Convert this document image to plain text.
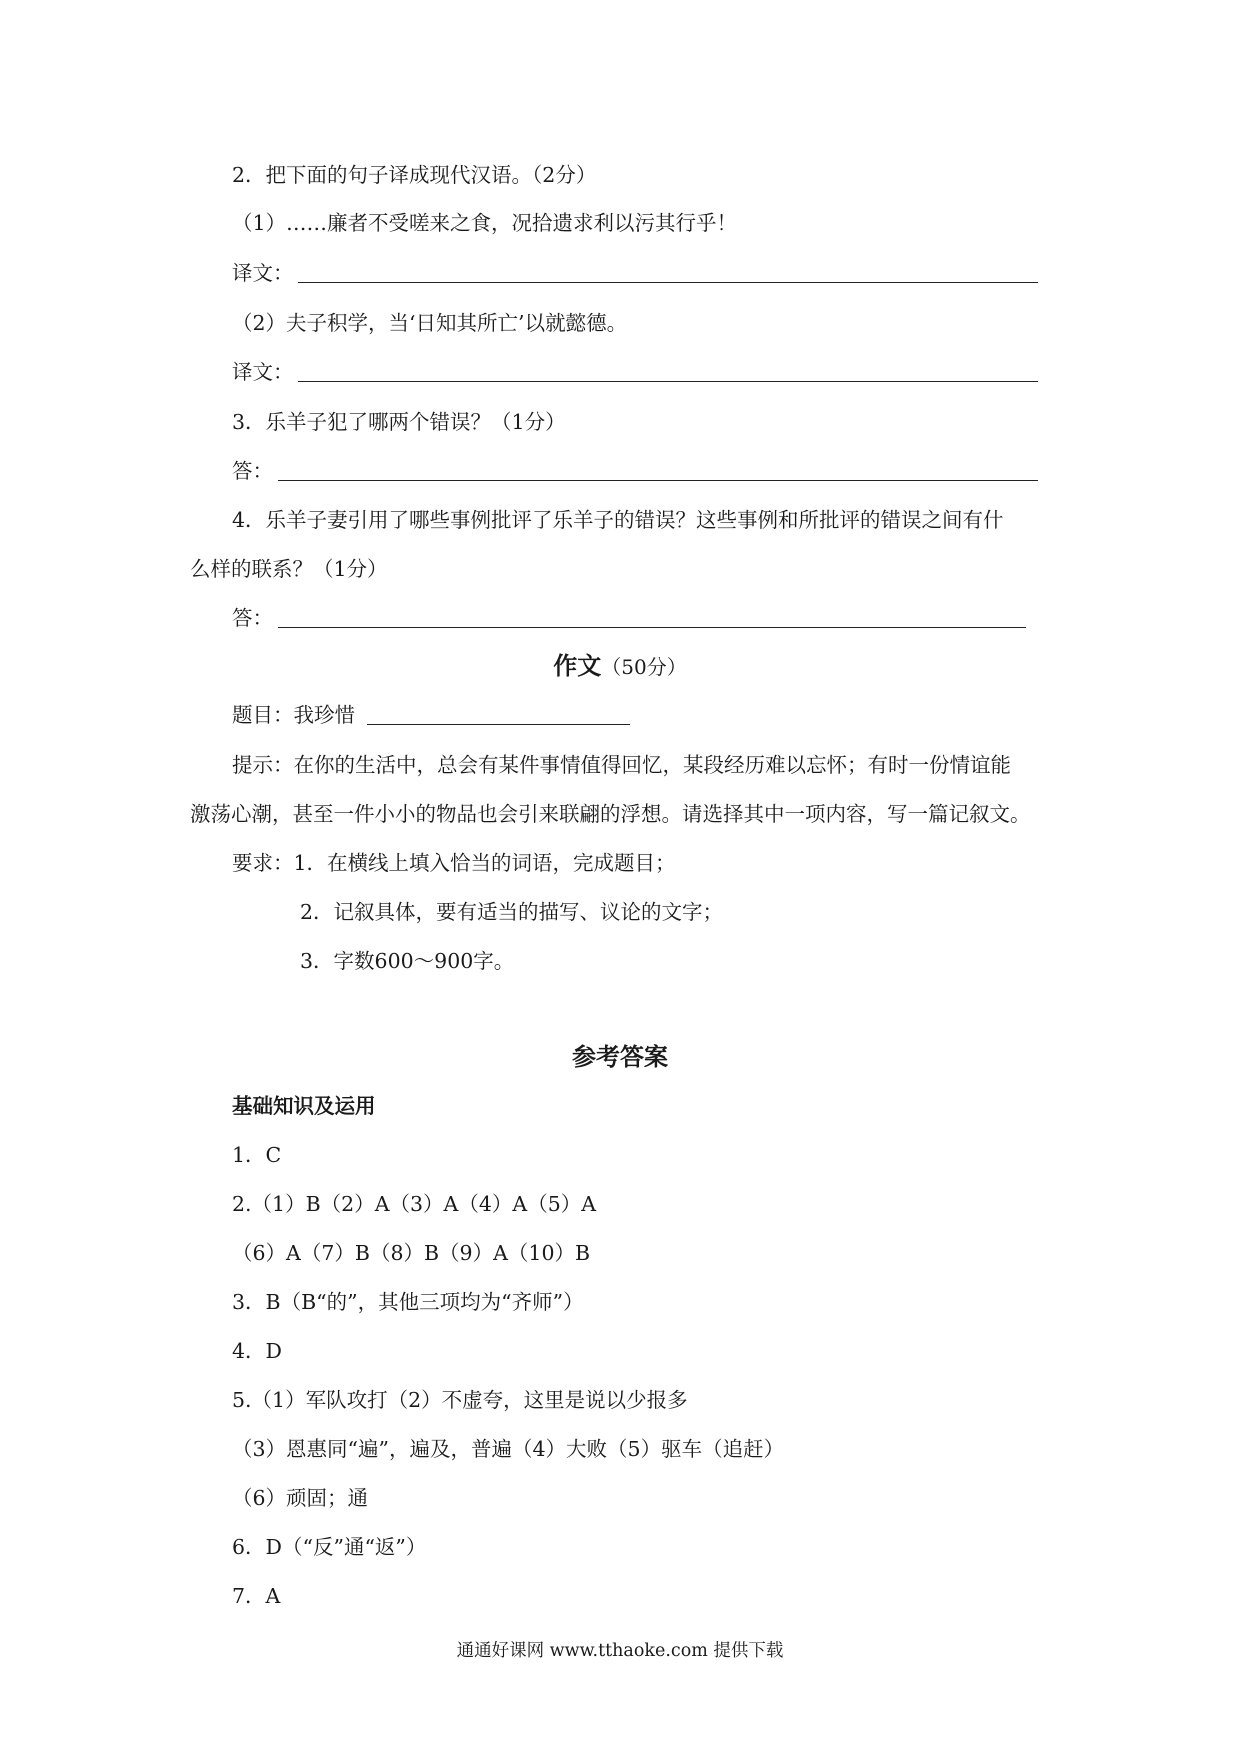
2．把下面的句子译成现代汉语。（2分）
（1）……廉者不受嗟来之食，况拾遗求利以污其行乎！
译文：
（2）夫子积学，当‘日知其所亡’以就懿德。
译文：
3．乐羊子犯了哪两个错误？（1分）
答：
4．乐羊子妻引用了哪些事例批评了乐羊子的错误？这些事例和所批评的错误之间有什
么样的联系？（1分）
答：
作文（50分）
题目：我珍惜
提示：在你的生活中，总会有某件事情值得回忆，某段经历难以忘怀；有时一份情谊能
激荡心潮，甚至一件小小的物品也会引来联翩的浮想。请选择其中一项内容，写一篇记叙文。
要求：1．在横线上填入恰当的词语，完成题目；
2．记叙具体，要有适当的描写、议论的文字；
3．字数600～900字。
参考答案
基础知识及运用
1．C
2.（1）B（2）A（3）A（4）A（5）A
（6）A（7）B（8）B（9）A（10）B
3．B（B“的”，其他三项均为“齐师”）
4．D
5.（1）军队攻打（2）不虚夸，这里是说以少报多
（3）恩惠同“遍”，遍及，普遍（4）大败（5）驱车（追赶）
（6）顽固；通
6．D（“反”通“返”）
7．A
通通好课网 www.tthaoke.com 提供下载
